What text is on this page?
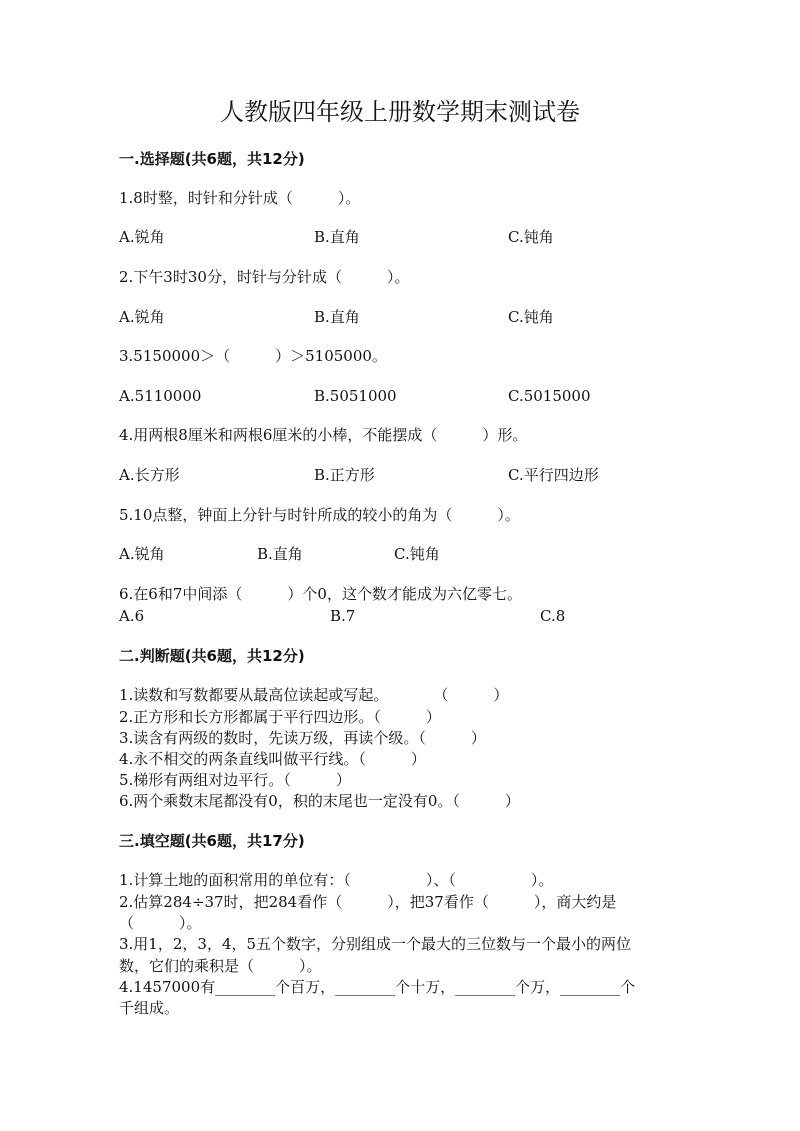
人教版四年级上册数学期末测试卷
一.选择题(共6题，共12分)
1.8时整，时针和分针成（　　　）。
A.锐角	B.直角	C.钝角
2.下午3时30分，时针与分针成（　　　）。
A.锐角	B.直角	C.钝角
3.5150000＞（　　　）＞5105000。
A.5110000	B.5051000	C.5015000
4.用两根8厘米和两根6厘米的小棒，不能摆成（　　　）形。
A.长方形	B.正方形	C.平行四边形
5.10点整，钟面上分针与时针所成的较小的角为（　　　）。
A.锐角	B.直角	C.钝角
6.在6和7中间添（　　　）个0，这个数才能成为六亿零七。
A.6	B.7	C.8
二.判断题(共6题，共12分)
1.读数和写数都要从最高位读起或写起。　　　　（　　　）
2.正方形和长方形都属于平行四边形。（　　　）
3.读含有两级的数时，先读万级，再读个级。（　　　）
4.永不相交的两条直线叫做平行线。（　　　）
5.梯形有两组对边平行。（　　　）
6.两个乘数末尾都没有0，积的末尾也一定没有0。（　　　）
三.填空题(共6题，共17分)
1.计算土地的面积常用的单位有：（　　　　　）、（　　　　　）。
2.估算284÷37时，把284看作（　　　），把37看作（　　　），商大约是
（　　　）。
3.用1，2，3，4，5五个数字，分别组成一个最大的三位数与一个最小的两位
数，它们的乘积是（　　　）。
4.1457000有________个百万，________个十万，________个万，________个
千组成。
